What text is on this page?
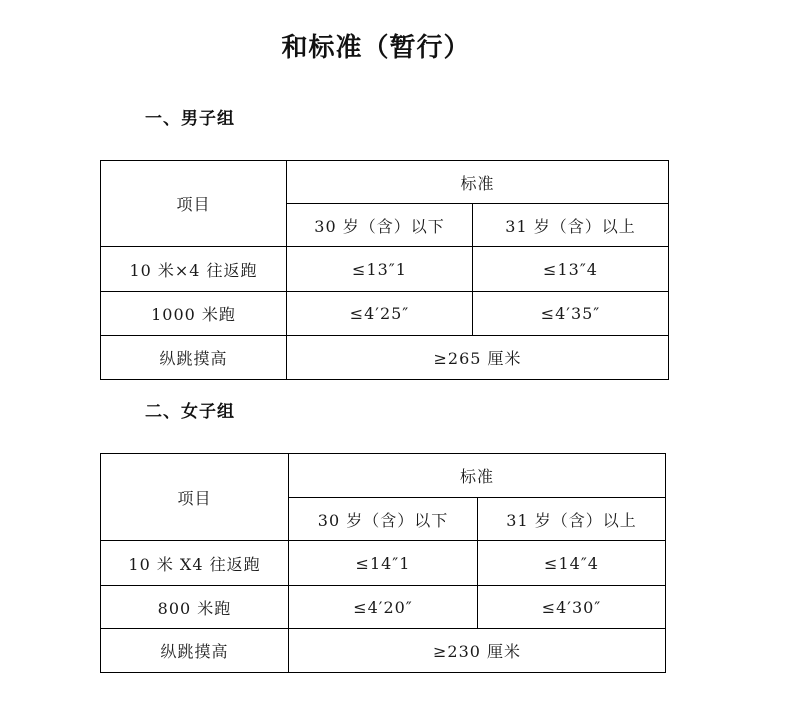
和标准（暂行）
一、男子组
项目	标准	
	30 岁（含）以下	31 岁（含）以上
10 米×4 往返跑	≤13″1	≤13″4
1000 米跑	≤4′25″	≤4′35″
纵跳摸高	≥265 厘米	
二、女子组
项目	标准	
	30 岁（含）以下	31 岁（含）以上
10 米 X4 往返跑	≤14″1	≤14″4
800 米跑	≤4′20″	≤4′30″
纵跳摸高	≥230 厘米	
